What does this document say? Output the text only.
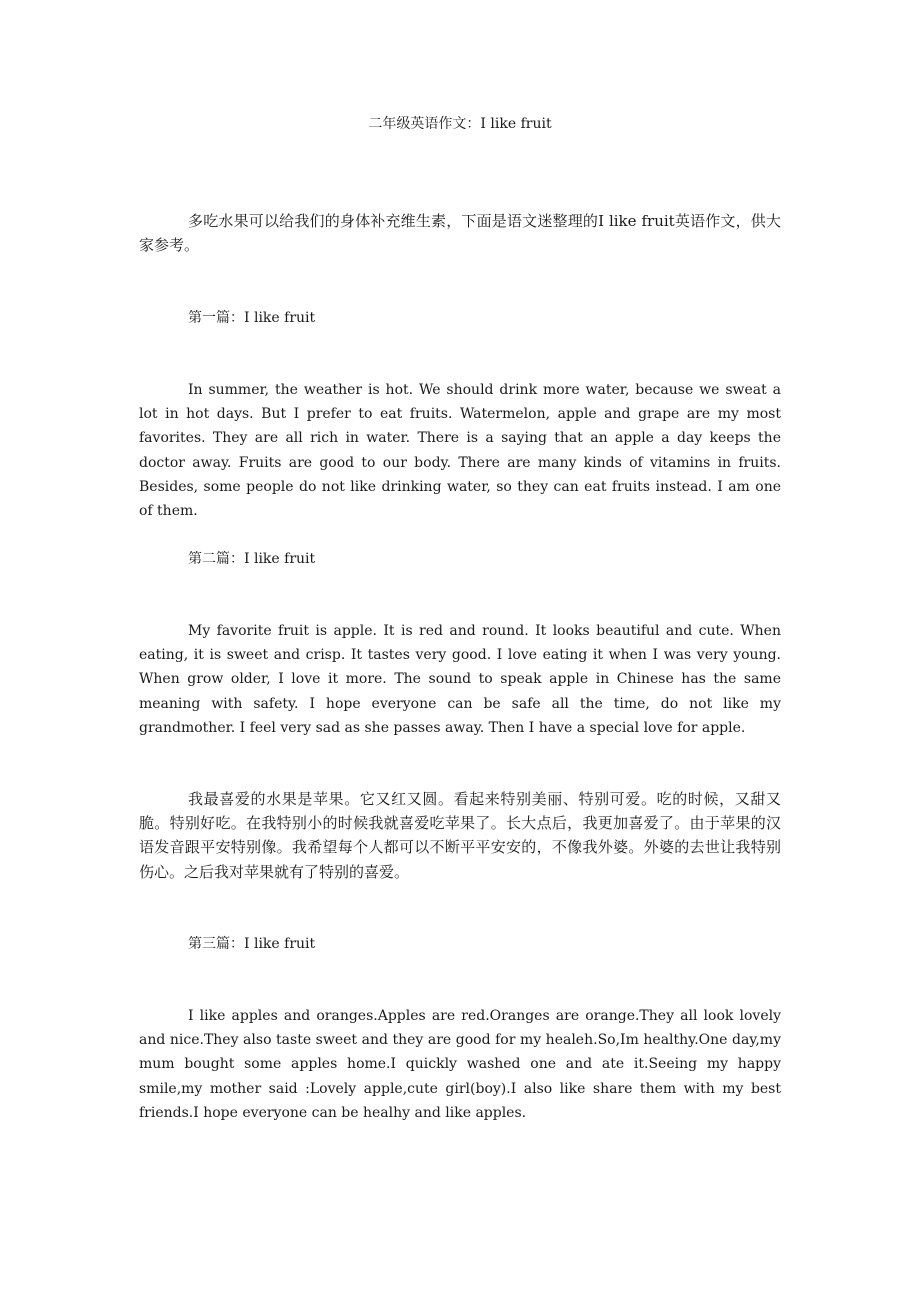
二年级英语作文：I like fruit

多吃水果可以给我们的身体补充维生素，下面是语文迷整理的I like fruit英语作文，供大家参考。

第一篇：I like fruit

In summer, the weather is hot. We should drink more water, because we sweat a lot in hot days. But I prefer to eat fruits. Watermelon, apple and grape are my most favorites. They are all rich in water. There is a saying that an apple a day keeps the doctor away. Fruits are good to our body. There are many kinds of vitamins in fruits. Besides, some people do not like drinking water, so they can eat fruits instead. I am one of them.

第二篇：I like fruit

My favorite fruit is apple. It is red and round. It looks beautiful and cute. When eating, it is sweet and crisp. It tastes very good. I love eating it when I was very young. When grow older, I love it more. The sound to speak apple in Chinese has the same meaning with safety. I hope everyone can be safe all the time, do not like my grandmother. I feel very sad as she passes away. Then I have a special love for apple.

我最喜爱的水果是苹果。它又红又圆。看起来特别美丽、特别可爱。吃的时候，又甜又脆。特别好吃。在我特别小的时候我就喜爱吃苹果了。长大点后，我更加喜爱了。由于苹果的汉语发音跟平安特别像。我希望每个人都可以不断平平安安的，不像我外婆。外婆的去世让我特别伤心。之后我对苹果就有了特别的喜爱。

第三篇：I like fruit

I like apples and oranges.Apples are red.Oranges are orange.They all look lovely and nice.They also taste sweet and they are good for my healeh.So,Im healthy.One day,my mum bought some apples home.I quickly washed one and ate it.Seeing my happy smile,my mother said :Lovely apple,cute girl(boy).I also like share them with my best friends.I hope everyone can be healhy and like apples.
